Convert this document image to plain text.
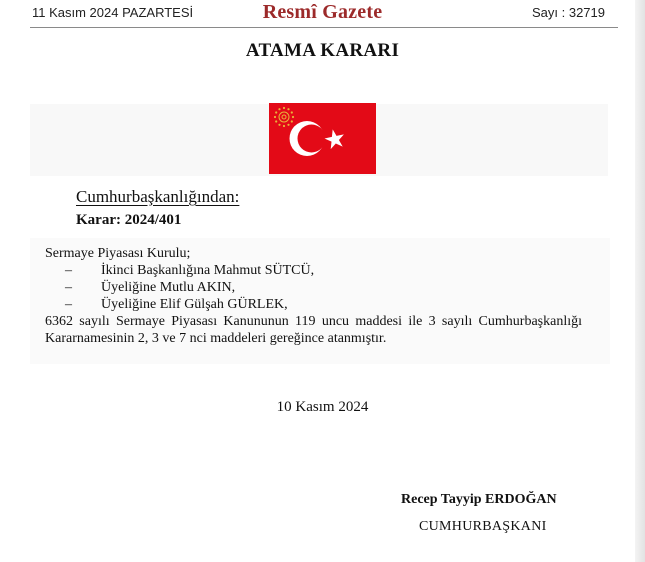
11 Kasım 2024 PAZARTESİ	Resmî Gazete	Sayı : 32719
ATAMA KARARI
Cumhurbaşkanlığından:
Karar: 2024/401
Sermaye Piyasası Kurulu;
–	İkinci Başkanlığına Mahmut SÜTCÜ,
–	Üyeliğine Mutlu AKIN,
–	Üyeliğine Elif Gülşah GÜRLEK,
6362 sayılı Sermaye Piyasası Kanununun 119 uncu maddesi ile 3 sayılı Cumhurbaşkanlığı
Kararnamesinin 2, 3 ve 7 nci maddeleri gereğince atanmıştır.
10 Kasım 2024
Recep Tayyip ERDOĞAN
CUMHURBAŞKANI
